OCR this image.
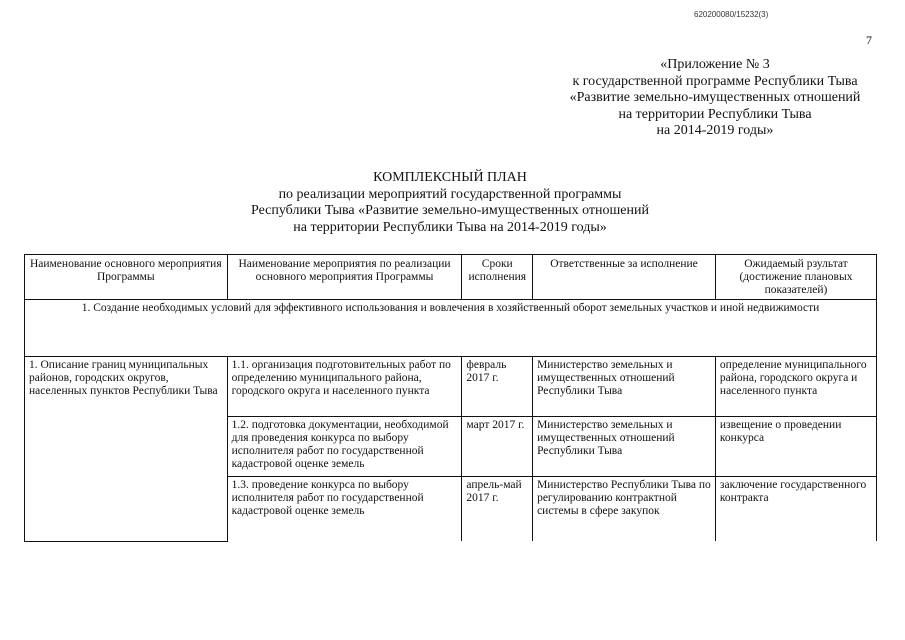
620200080/15232(3)
7
«Приложение № 3
к государственной программе Республики Тыва
«Развитие земельно-имущественных отношений
на территории Республики Тыва
на 2014-2019 годы»
КОМПЛЕКСНЫЙ ПЛАН
по реализации мероприятий государственной программы
Республики Тыва «Развитие земельно-имущественных отношений
на территории Республики Тыва на 2014-2019 годы»
Наименование основного мероприятия Программы	Наименование мероприятия по реализации основного мероприятия Программы	Сроки исполнения	Ответственные за исполнение	Ожидаемый рзультат (достижение плановых показателей)
1. Создание необходимых условий для эффективного использования и вовлечения в хозяйственный оборот земельных участков и иной недвижимости				
1. Описание границ муниципальных районов, городских округов, населенных пунктов Республики Тыва	1.1. организация подготовительных работ по определению муниципального района, городского округа и населенного пункта	февраль 2017 г.	Министерство земельных и имущественных отношений Республики Тыва	определение муниципального района, городского округа и населенного пункта
	1.2. подготовка документации, необходимой для проведения конкурса по выбору исполнителя работ по государственной кадастровой оценке земель	март 2017 г.	Министерство земельных и имущественных отношений Республики Тыва	извещение о проведении конкурса
	1.3. проведение конкурса по выбору исполнителя работ по государственной кадастровой оценке земель	апрель-май 2017 г.	Министерство Республики Тыва по регулированию контрактной системы в сфере закупок	заключение государственного контракта
